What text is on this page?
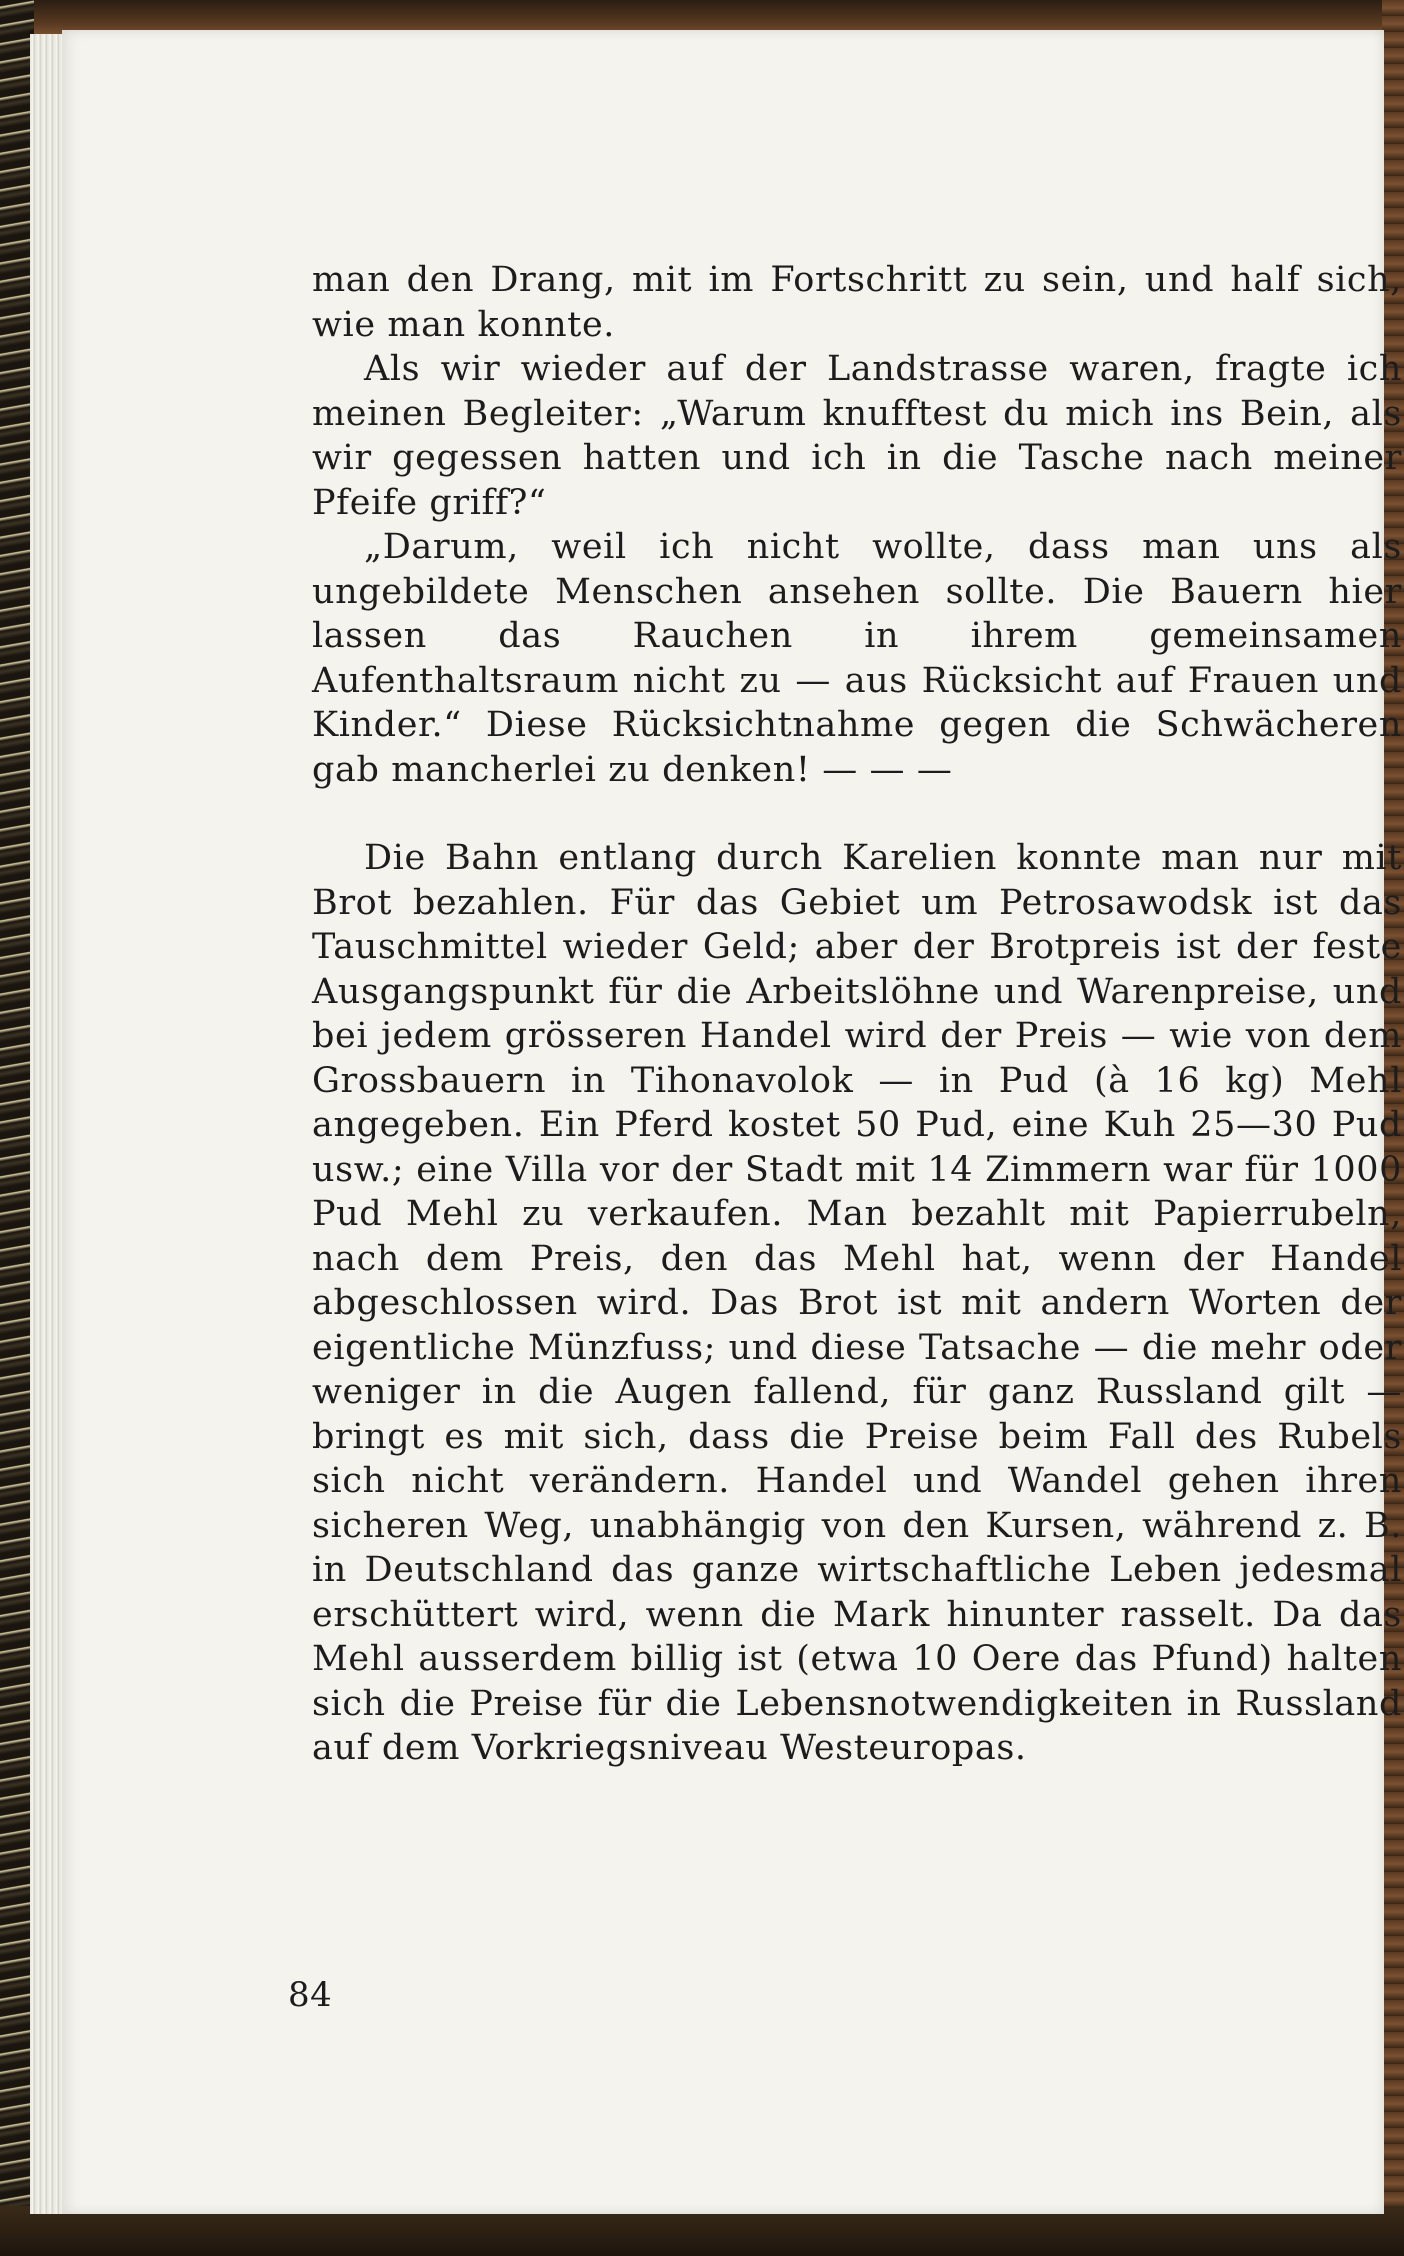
man den Drang, mit im Fortschritt zu sein, und half sich, wie man konnte.

Als wir wieder auf der Landstrasse waren, fragte ich meinen Begleiter: „Warum knufftest du mich ins Bein, als wir gegessen hatten und ich in die Tasche nach meiner Pfeife griff?“

„Darum, weil ich nicht wollte, dass man uns als ungebildete Menschen ansehen sollte. Die Bauern hier lassen das Rauchen in ihrem gemeinsamen Aufenthaltsraum nicht zu — aus Rücksicht auf Frauen und Kinder.“ Diese Rücksichtnahme gegen die Schwächeren gab mancherlei zu denken! — — —

Die Bahn entlang durch Karelien konnte man nur mit Brot bezahlen. Für das Gebiet um Petrosawodsk ist das Tauschmittel wieder Geld; aber der Brotpreis ist der feste Ausgangspunkt für die Arbeitslöhne und Warenpreise, und bei jedem grösseren Handel wird der Preis — wie von dem Grossbauern in Tihonavolok — in Pud (à 16 kg) Mehl angegeben. Ein Pferd kostet 50 Pud, eine Kuh 25—30 Pud usw.; eine Villa vor der Stadt mit 14 Zimmern war für 1000 Pud Mehl zu verkaufen. Man bezahlt mit Papierrubeln, nach dem Preis, den das Mehl hat, wenn der Handel abgeschlossen wird. Das Brot ist mit andern Worten der eigentliche Münzfuss; und diese Tatsache — die mehr oder weniger in die Augen fallend, für ganz Russland gilt — bringt es mit sich, dass die Preise beim Fall des Rubels sich nicht verändern. Handel und Wandel gehen ihren sicheren Weg, unabhängig von den Kursen, während z. B. in Deutschland das ganze wirtschaftliche Leben jedesmal erschüttert wird, wenn die Mark hinunter rasselt. Da das Mehl ausserdem billig ist (etwa 10 Oere das Pfund) halten sich die Preise für die Lebensnotwendigkeiten in Russland auf dem Vorkriegsniveau Westeuropas.

84
